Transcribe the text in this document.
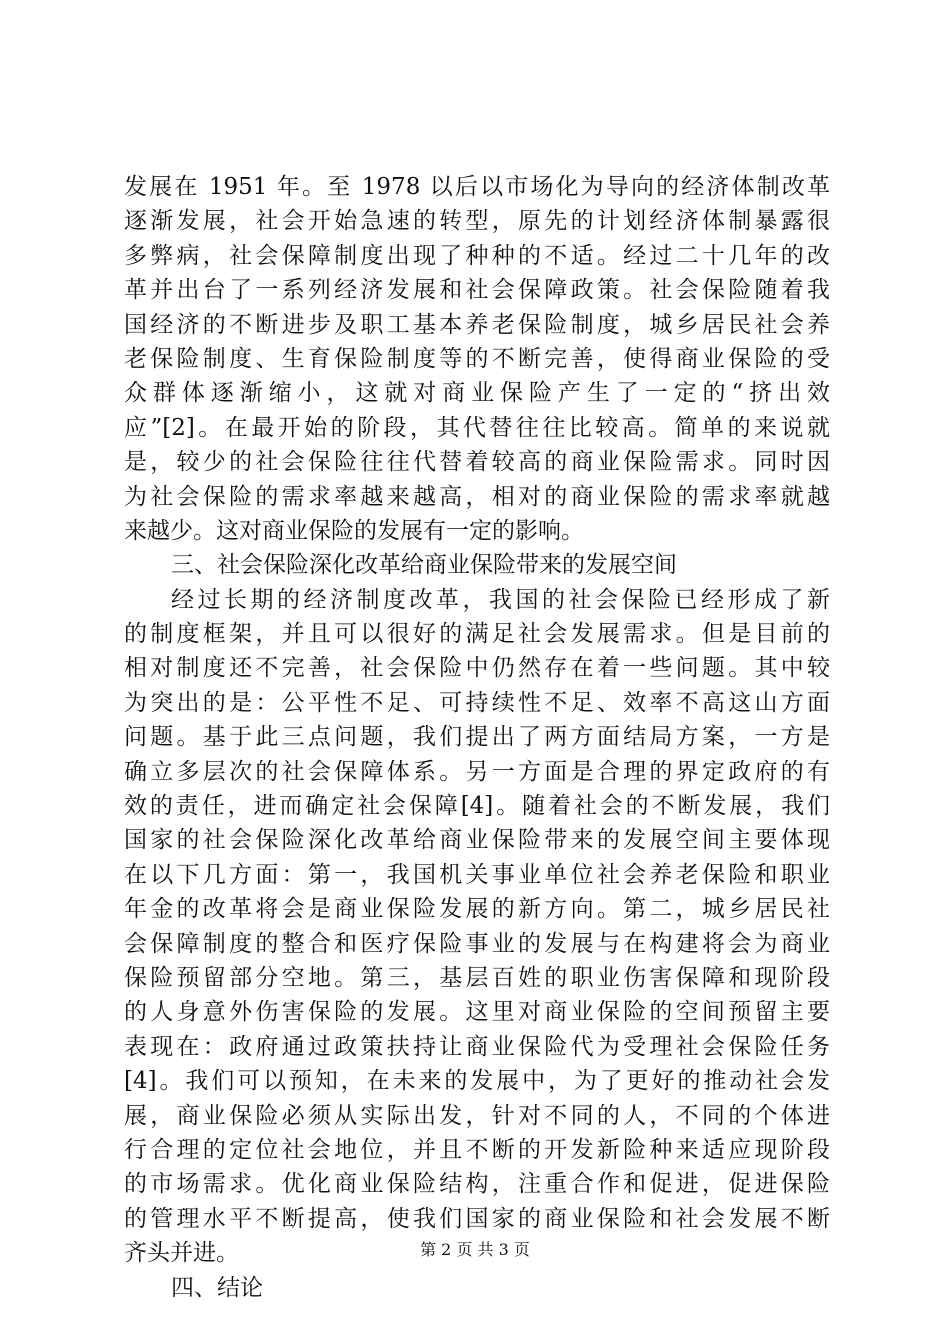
发展在 1951 年。至 1978 以后以市场化为导向的经济体制改革
逐渐发展，社会开始急速的转型，原先的计划经济体制暴露很
多弊病，社会保障制度出现了种种的不适。经过二十几年的改
革并出台了一系列经济发展和社会保障政策。社会保险随着我
国经济的不断进步及职工基本养老保险制度，城乡居民社会养
老保险制度、生育保险制度等的不断完善，使得商业保险的受
众群体逐渐缩小，这就对商业保险产生了一定的“挤出效
应”[2]。在最开始的阶段，其代替往往比较高。简单的来说就
是，较少的社会保险往往代替着较高的商业保险需求。同时因
为社会保险的需求率越来越高，相对的商业保险的需求率就越
来越少。这对商业保险的发展有一定的影响。
三、社会保险深化改革给商业保险带来的发展空间
经过长期的经济制度改革，我国的社会保险已经形成了新
的制度框架，并且可以很好的满足社会发展需求。但是目前的
相对制度还不完善，社会保险中仍然存在着一些问题。其中较
为突出的是：公平性不足、可持续性不足、效率不高这山方面
问题。基于此三点问题，我们提出了两方面结局方案，一方是
确立多层次的社会保障体系。另一方面是合理的界定政府的有
效的责任，进而确定社会保障[4]。随着社会的不断发展，我们
国家的社会保险深化改革给商业保险带来的发展空间主要体现
在以下几方面：第一，我国机关事业单位社会养老保险和职业
年金的改革将会是商业保险发展的新方向。第二，城乡居民社
会保障制度的整合和医疗保险事业的发展与在构建将会为商业
保险预留部分空地。第三，基层百姓的职业伤害保障和现阶段
的人身意外伤害保险的发展。这里对商业保险的空间预留主要
表现在：政府通过政策扶持让商业保险代为受理社会保险任务
[4]。我们可以预知，在未来的发展中，为了更好的推动社会发
展，商业保险必须从实际出发，针对不同的人，不同的个体进
行合理的定位社会地位，并且不断的开发新险种来适应现阶段
的市场需求。优化商业保险结构，注重合作和促进，促进保险
的管理水平不断提高，使我们国家的商业保险和社会发展不断
齐头并进。
四、结论
第 2 页 共 3 页
